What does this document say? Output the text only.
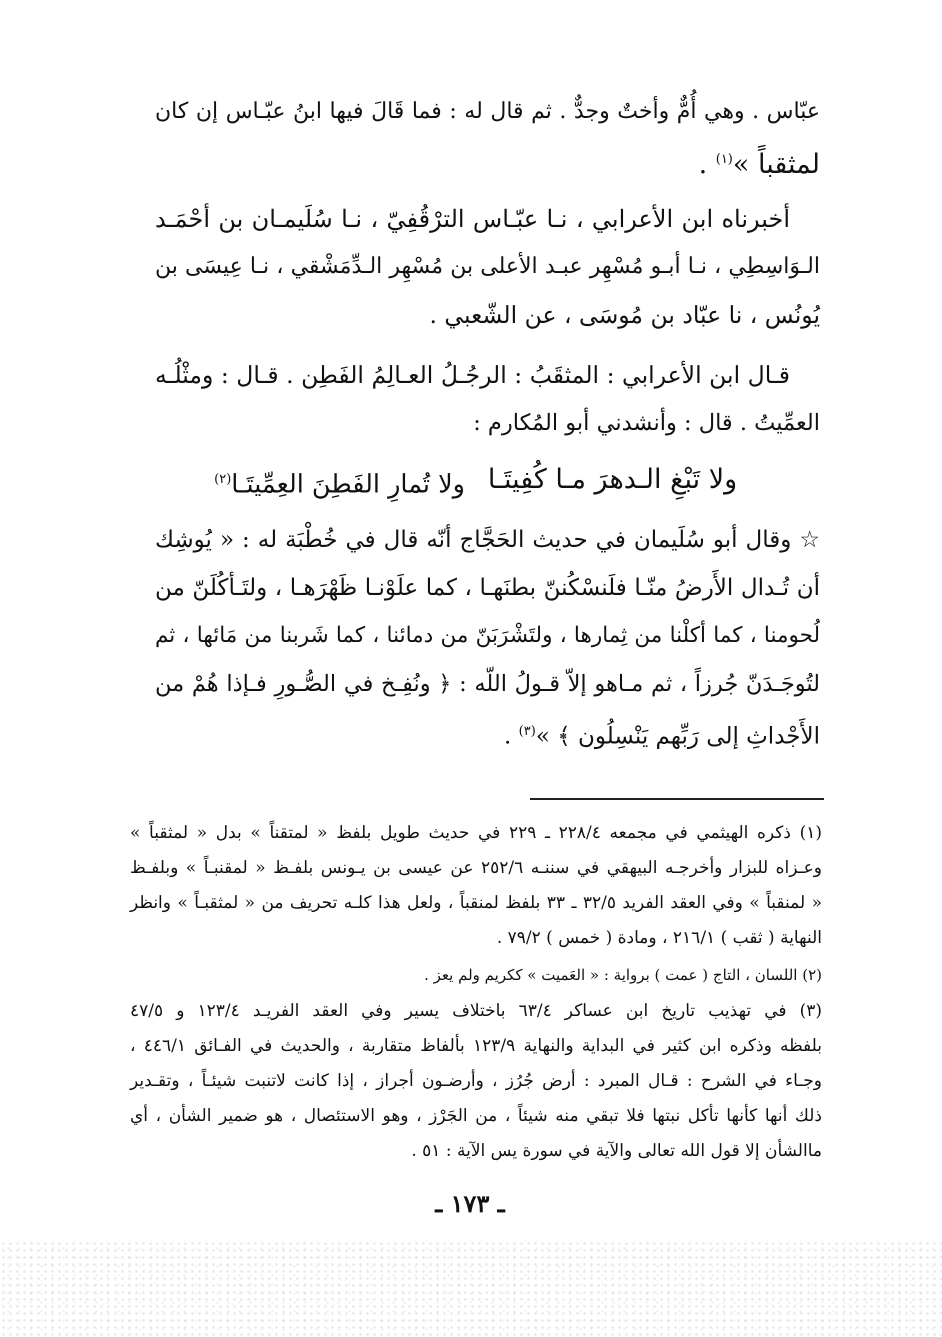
عبّاس . وهي أُمٌّ وأختٌ وجدٌّ . ثم قال له : فما قَالَ فيها ابنُ عبّـاس إن كان
لمثقباً »$^{(١)}$ .
أخبرناه ابن الأعرابي ، نـا عبّـاس الترْقُفِيّ ، نـا سُلَيمـان بن أحْمَـد
الـوَاسِطِي ، نـا أبـو مُسْهِر عبـد الأعلى بن مُسْهِر الـدِّمَشْقي ، نـا عِيسَى بن
يُونُس ، نا عبّاد بن مُوسَى ، عن الشّعبي .
قـال ابن الأعرابي : المثقَبُ : الرجُـلُ العـالِمُ الفَطِن . قـال : ومثْلُـه
العمِّيتُ . قال : وأنشدني أبو المُكارم :
ولا تَبْغِ الـدهرَ مـا كُفِيتَـا
ولا تُمارِ الفَطِنَ العِمِّيتَـا$^{(٢)}$
☆ وقال أبو سُلَيمان في حديث الحَجَّاج أنّه قال في خُطْبَة له : « يُوشِك
أن تُـدال الأَرضُ منّـا فلَنسْكُننّ بطنَهـا ، كما علَوْنـا ظَهْرَهـا ، ولتَـأكُلَنّ من
لُحومنا ، كما أكلْنا من ثِمارها ، ولتَشْرَبَنّ من دمائنا ، كما شَربنا من مَائها ، ثم
لتُوجَـدَنّ جُرزاً ، ثم مـاهو إلاّ قـولُ اللّه : ﴿ ونُفِـخ في الصُّـورِ فـإذا هُمْ من
الأَجْداثِ إلى رَبِّهم يَنْسِلُون ﴾ »$^{(٣)}$ .
(١) ذكره الهيثمي في مجمعه ٢٢٨/٤ ـ ٢٢٩ في حديث طويل بلفظ « لمتقناً » بدل « لمثقباً »
وعـزاه للبزار وأخرجـه البيهقي في سننـه ٢٥٢/٦ عن عيسى بن يـونس بلفـظ « لمقنبـاً » وبلفـظ
« لمنقباً » وفي العقد الفريد ٣٢/٥ ـ ٣٣ بلفظ لمنقباً ، ولعل هذا كلـه تحريف من « لمثقبـاً » وانظر
النهاية ( ثقب ) ٢١٦/١ ، ومادة ( خمس ) ٧٩/٢ .
(٢) اللسان ، التاج ( عمت ) برواية : « العَميت » ككريم ولم يعز .
(٣) في تهذيب تاريخ ابن عساكر ٦٣/٤ باختلاف يسير وفي العقد الفريـد ١٢٣/٤ و ٤٧/٥
بلفظه وذكره ابن كثير في البداية والنهاية ١٢٣/٩ بألفاظ متقاربة ، والحديث في الفـائق ٤٤٦/١ ،
وجـاء في الشرح : قـال المبرد : أرض جُرُز ، وأرضـون أجراز ، إذا كانت لاتنبت شيئـاً ، وتقـدير
ذلك أنها كأنها تأكل نبتها فلا تبقي منه شيئاً ، من الجَرْز ، وهو الاستئصال ، هو ضمير الشأن ، أي
ماالشأن إلا قول الله تعالى والآية في سورة يس الآية : ٥١ .
ـ ١٧٣ ـ
